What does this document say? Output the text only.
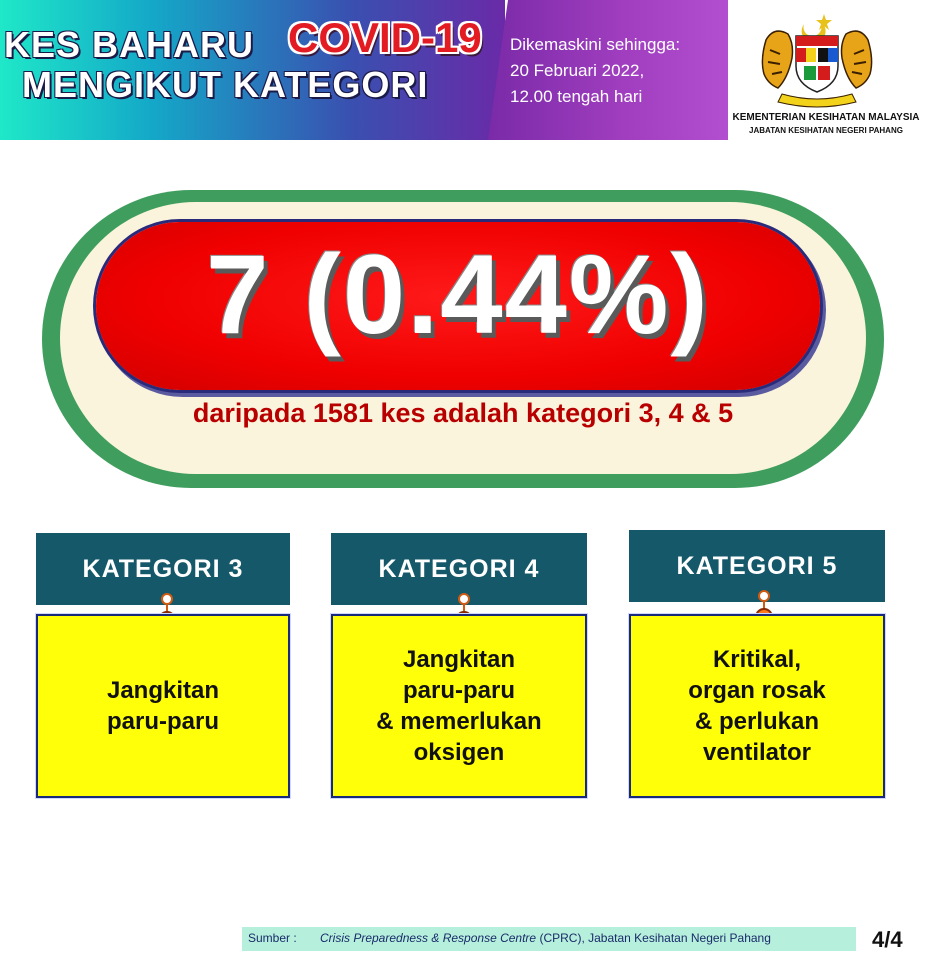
KES BAHARU COVID-19
MENGIKUT KATEGORI
Dikemaskini sehingga:
20 Februari 2022,
12.00 tengah hari
KEMENTERIAN KESIHATAN MALAYSIA
JABATAN KESIHATAN NEGERI PAHANG
7 (0.44%)
daripada 1581 kes adalah kategori 3, 4 & 5
KATEGORI 3
Jangkitan
paru-paru
KATEGORI 4
Jangkitan
paru-paru
& memerlukan
oksigen
KATEGORI 5
Kritikal,
organ rosak
& perlukan
ventilator
Sumber : Crisis Preparedness & Response Centre (CPRC), Jabatan Kesihatan Negeri Pahang	4/4
